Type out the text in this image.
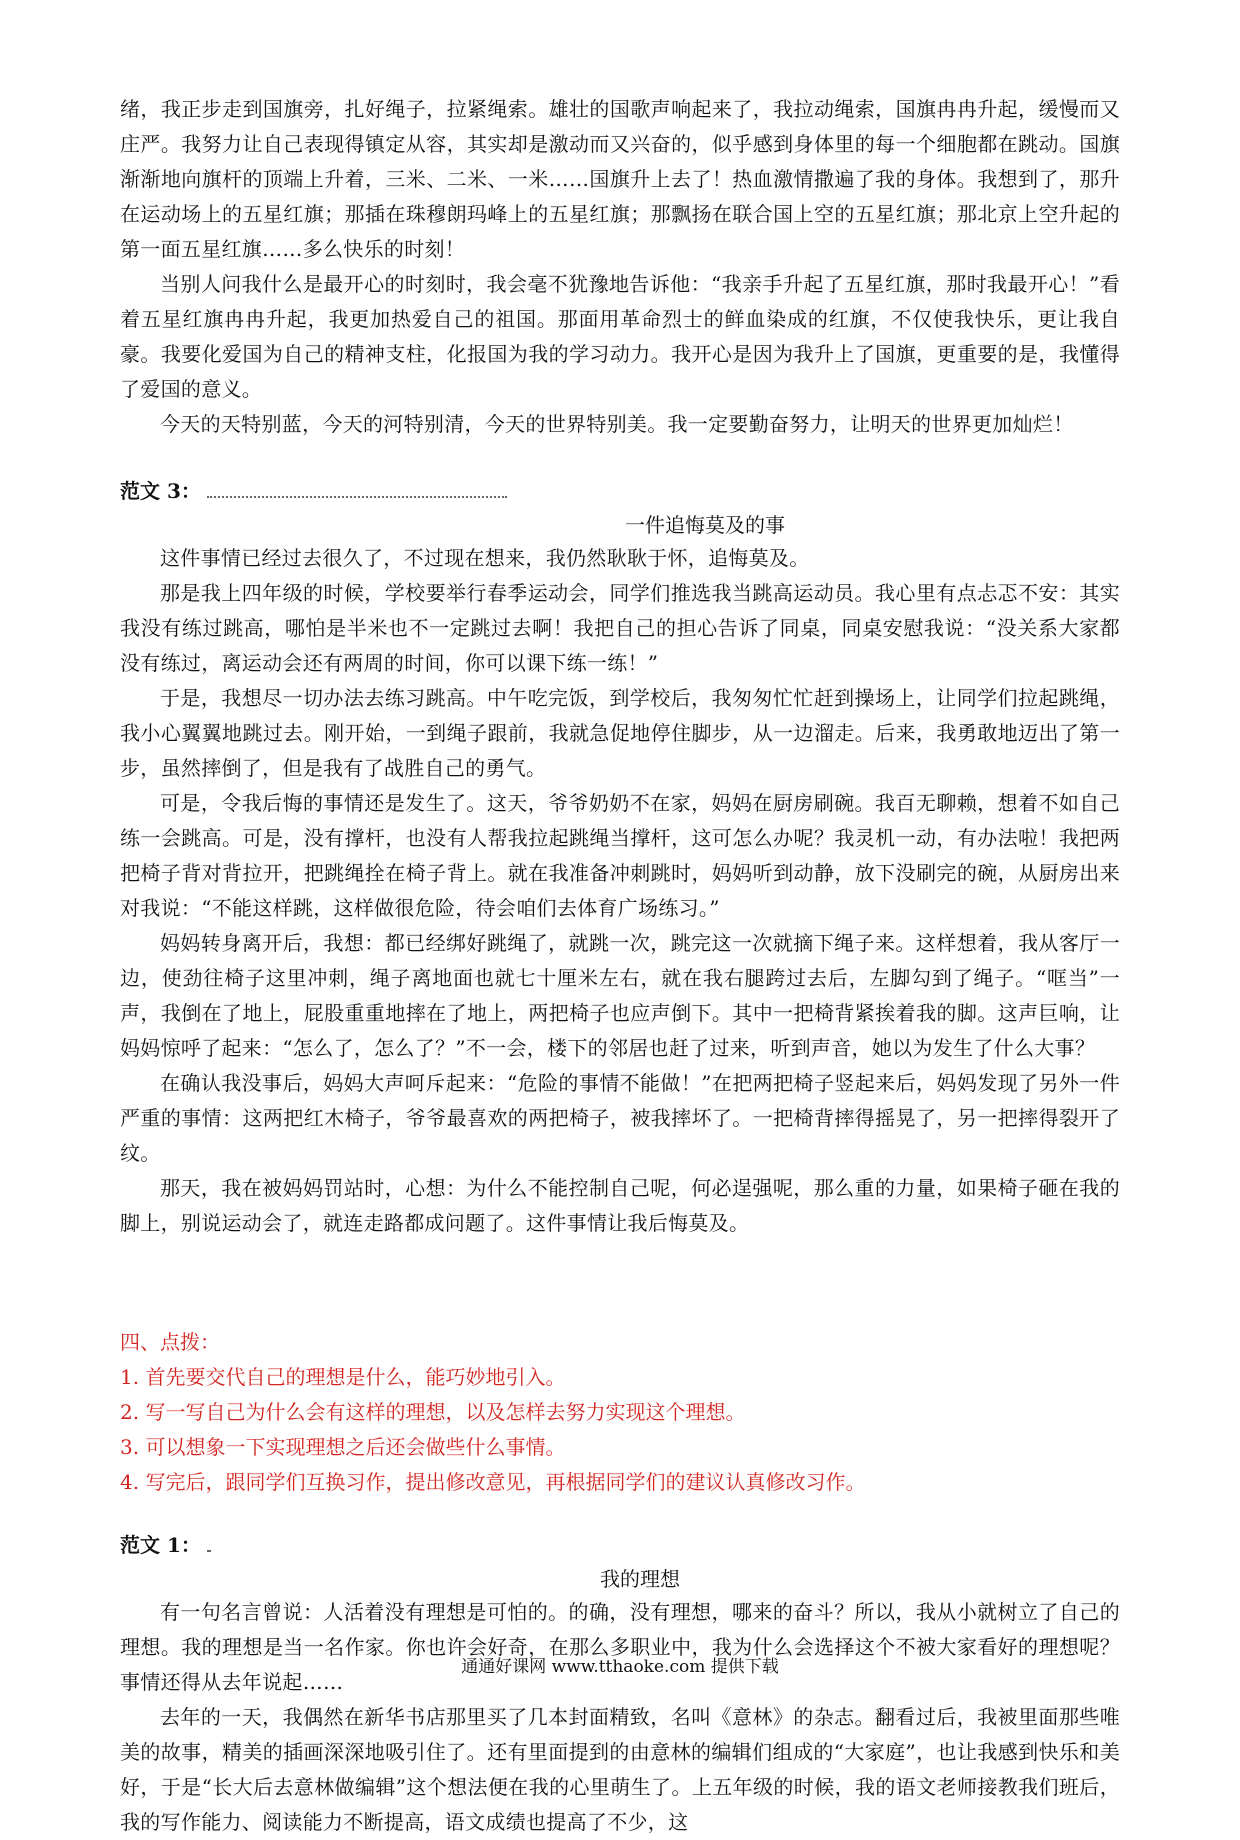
绪，我正步走到国旗旁，扎好绳子，拉紧绳索。雄壮的国歌声响起来了，我拉动绳索，国旗冉冉升起，缓慢而又庄严。我努力让自己表现得镇定从容，其实却是激动而又兴奋的，似乎感到身体里的每一个细胞都在跳动。国旗渐渐地向旗杆的顶端上升着，三米、二米、一米……国旗升上去了！热血激情撒遍了我的身体。我想到了，那升在运动场上的五星红旗；那插在珠穆朗玛峰上的五星红旗；那飘扬在联合国上空的五星红旗；那北京上空升起的第一面五星红旗……多么快乐的时刻！

当别人问我什么是最开心的时刻时，我会毫不犹豫地告诉他：“我亲手升起了五星红旗，那时我最开心！”看着五星红旗冉冉升起，我更加热爱自己的祖国。那面用革命烈士的鲜血染成的红旗，不仅使我快乐，更让我自豪。我要化爱国为自己的精神支柱，化报国为我的学习动力。我开心是因为我升上了国旗，更重要的是，我懂得了爱国的意义。

今天的天特别蓝，今天的河特别清，今天的世界特别美。我一定要勤奋努力，让明天的世界更加灿烂！

范文 3：
一件追悔莫及的事

这件事情已经过去很久了，不过现在想来，我仍然耿耿于怀，追悔莫及。

那是我上四年级的时候，学校要举行春季运动会，同学们推选我当跳高运动员。我心里有点忐忑不安：其实我没有练过跳高，哪怕是半米也不一定跳过去啊！我把自己的担心告诉了同桌，同桌安慰我说：“没关系大家都没有练过，离运动会还有两周的时间，你可以课下练一练！”

于是，我想尽一切办法去练习跳高。中午吃完饭，到学校后，我匆匆忙忙赶到操场上，让同学们拉起跳绳，我小心翼翼地跳过去。刚开始，一到绳子跟前，我就急促地停住脚步，从一边溜走。后来，我勇敢地迈出了第一步，虽然摔倒了，但是我有了战胜自己的勇气。

可是，令我后悔的事情还是发生了。这天，爷爷奶奶不在家，妈妈在厨房刷碗。我百无聊赖，想着不如自己练一会跳高。可是，没有撑杆，也没有人帮我拉起跳绳当撑杆，这可怎么办呢？我灵机一动，有办法啦！我把两把椅子背对背拉开，把跳绳拴在椅子背上。就在我准备冲刺跳时，妈妈听到动静，放下没刷完的碗，从厨房出来对我说：“不能这样跳，这样做很危险，待会咱们去体育广场练习。”

妈妈转身离开后，我想：都已经绑好跳绳了，就跳一次，跳完这一次就摘下绳子来。这样想着，我从客厅一边，使劲往椅子这里冲刺，绳子离地面也就七十厘米左右，就在我右腿跨过去后，左脚勾到了绳子。“哐当”一声，我倒在了地上，屁股重重地摔在了地上，两把椅子也应声倒下。其中一把椅背紧挨着我的脚。这声巨响，让妈妈惊呼了起来：“怎么了，怎么了？”不一会，楼下的邻居也赶了过来，听到声音，她以为发生了什么大事？

在确认我没事后，妈妈大声呵斥起来：“危险的事情不能做！”在把两把椅子竖起来后，妈妈发现了另外一件严重的事情：这两把红木椅子，爷爷最喜欢的两把椅子，被我摔坏了。一把椅背摔得摇晃了，另一把摔得裂开了纹。

那天，我在被妈妈罚站时，心想：为什么不能控制自己呢，何必逞强呢，那么重的力量，如果椅子砸在我的脚上，别说运动会了，就连走路都成问题了。这件事情让我后悔莫及。

四、点拨：
1. 首先要交代自己的理想是什么，能巧妙地引入。
2. 写一写自己为什么会有这样的理想，以及怎样去努力实现这个理想。
3. 可以想象一下实现理想之后还会做些什么事情。
4. 写完后，跟同学们互换习作，提出修改意见，再根据同学们的建议认真修改习作。
范文 1：
我的理想

有一句名言曾说：人活着没有理想是可怕的。的确，没有理想，哪来的奋斗？所以，我从小就树立了自己的理想。我的理想是当一名作家。你也许会好奇，在那么多职业中，我为什么会选择这个不被大家看好的理想呢？事情还得从去年说起……

去年的一天，我偶然在新华书店那里买了几本封面精致，名叫《意林》的杂志。翻看过后，我被里面那些唯美的故事，精美的插画深深地吸引住了。还有里面提到的由意林的编辑们组成的“大家庭”，也让我感到快乐和美好，于是“长大后去意林做编辑”这个想法便在我的心里萌生了。上五年级的时候，我的语文老师接教我们班后，我的写作能力、阅读能力不断提高，语文成绩也提高了不少，这

通通好课网 www.tthaoke.com 提供下载
